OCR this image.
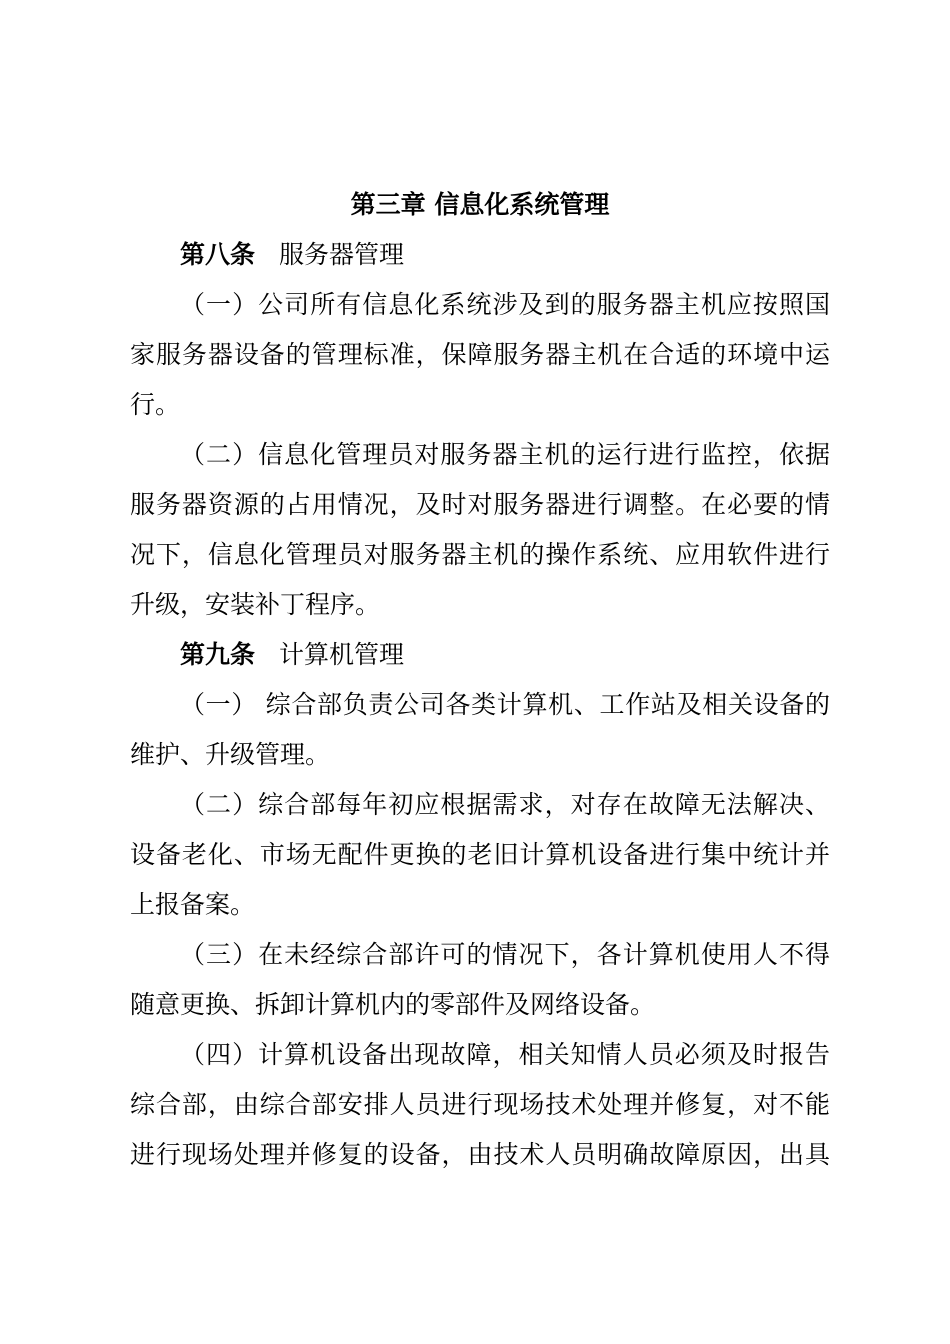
第三章 信息化系统管理
第八条 服务器管理
（一）公司所有信息化系统涉及到的服务器主机应按照国
家服务器设备的管理标准，保障服务器主机在合适的环境中运
行。
（二）信息化管理员对服务器主机的运行进行监控，依据
服务器资源的占用情况，及时对服务器进行调整。在必要的情
况下，信息化管理员对服务器主机的操作系统、应用软件进行
升级，安装补丁程序。
第九条 计算机管理
（一） 综合部负责公司各类计算机、工作站及相关设备的
维护、升级管理。
（二）综合部每年初应根据需求，对存在故障无法解决、
设备老化、市场无配件更换的老旧计算机设备进行集中统计并
上报备案。
（三）在未经综合部许可的情况下，各计算机使用人不得
随意更换、拆卸计算机内的零部件及网络设备。
（四）计算机设备出现故障，相关知情人员必须及时报告
综合部，由综合部安排人员进行现场技术处理并修复，对不能
进行现场处理并修复的设备，由技术人员明确故障原因，出具
